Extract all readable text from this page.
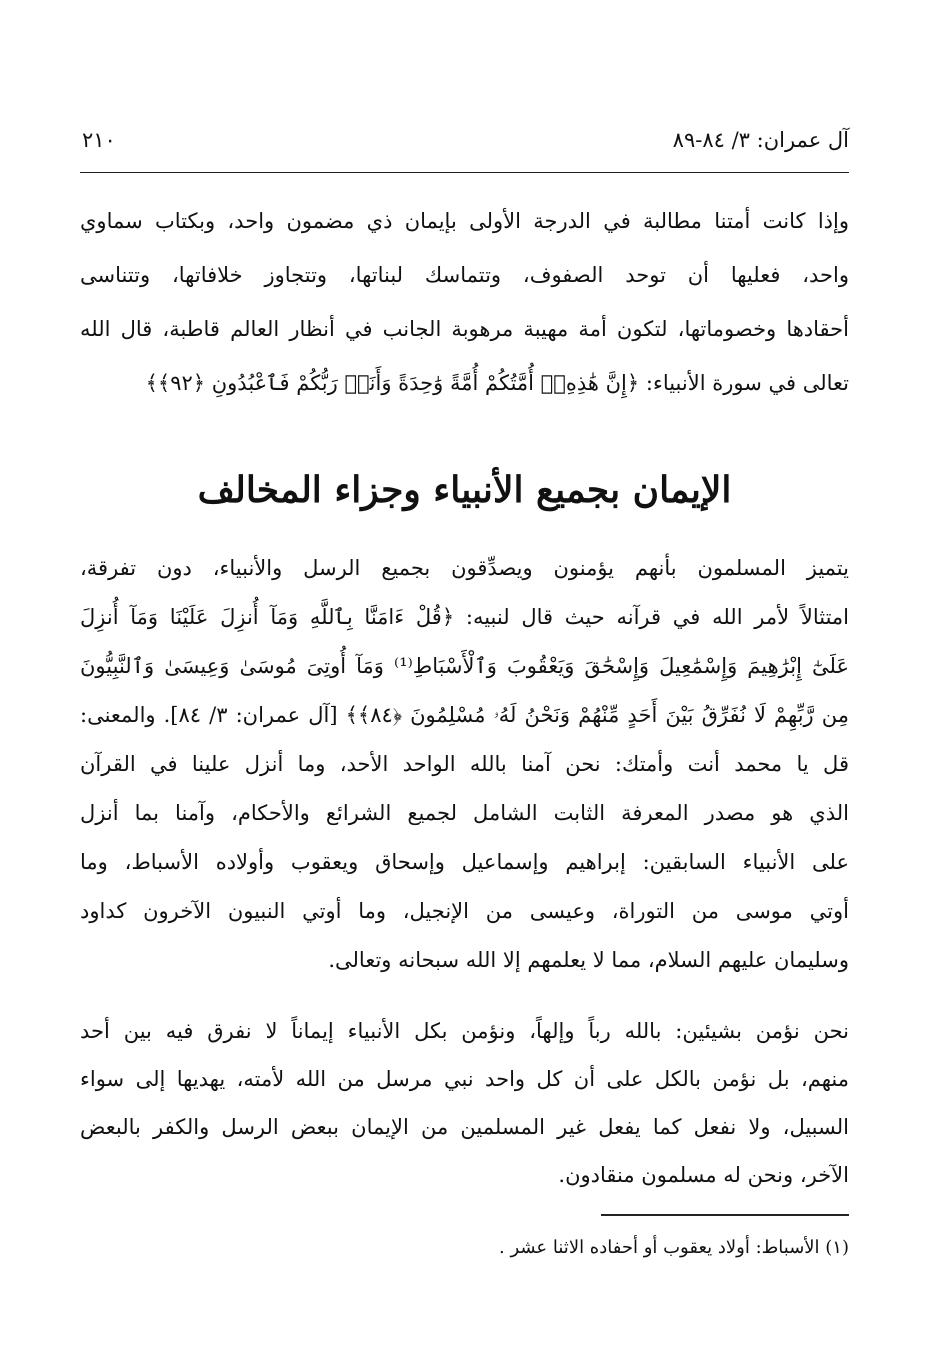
آل عمران: ٣/ ٨٤-٨٩
٢١٠
وإذا كانت أمتنا مطالبة في الدرجة الأولى بإيمان ذي مضمون واحد، وبكتاب سماوي
واحد، فعليها أن توحد الصفوف، وتتماسك لبناتها، وتتجاوز خلافاتها، وتتناسى
أحقادها وخصوماتها، لتكون أمة مهيبة مرهوبة الجانب في أنظار العالم قاطبة، قال الله
تعالى في سورة الأنبياء: ﴿إِنَّ هَٰذِهِۦٓ أُمَّتُكُمْ أُمَّةً وَٰحِدَةً وَأَنَا۠ رَبُّكُمْ فَٱعْبُدُونِ ﴿٩٢﴾﴾
الإيمان بجميع الأنبياء وجزاء المخالف
يتميز المسلمون بأنهم يؤمنون ويصدِّقون بجميع الرسل والأنبياء، دون تفرقة،
امتثالاً لأمر الله في قرآنه حيث قال لنبيه: ﴿قُلْ ءَامَنَّا بِٱللَّهِ وَمَآ أُنزِلَ عَلَيْنَا وَمَآ أُنزِلَ
عَلَىٰٓ إِبْرَٰهِيمَ وَإِسْمَٰعِيلَ وَإِسْحَٰقَ وَيَعْقُوبَ وَٱلْأَسْبَاطِ⁽¹⁾ وَمَآ أُوتِىَ مُوسَىٰ وَعِيسَىٰ وَٱلنَّبِيُّونَ
مِن رَّبِّهِمْ لَا نُفَرِّقُ بَيْنَ أَحَدٍ مِّنْهُمْ وَنَحْنُ لَهُۥ مُسْلِمُونَ ﴿٨٤﴾﴾ [آل عمران: ٣/ ٨٤]. والمعنى:
قل يا محمد أنت وأمتك: نحن آمنا بالله الواحد الأحد، وما أنزل علينا في القرآن
الذي هو مصدر المعرفة الثابت الشامل لجميع الشرائع والأحكام، وآمنا بما أنزل
على الأنبياء السابقين: إبراهيم وإسماعيل وإسحاق ويعقوب وأولاده الأسباط، وما
أوتي موسى من التوراة، وعيسى من الإنجيل، وما أوتي النبيون الآخرون كداود
وسليمان عليهم السلام، مما لا يعلمهم إلا الله سبحانه وتعالى.
نحن نؤمن بشيئين: بالله رباً وإلهاً، ونؤمن بكل الأنبياء إيماناً لا نفرق فيه بين أحد
منهم، بل نؤمن بالكل على أن كل واحد نبي مرسل من الله لأمته، يهديها إلى سواء
السبيل، ولا نفعل كما يفعل غير المسلمين من الإيمان ببعض الرسل والكفر بالبعض
الآخر، ونحن له مسلمون منقادون.
(١) الأسباط: أولاد يعقوب أو أحفاده الاثنا عشر .
